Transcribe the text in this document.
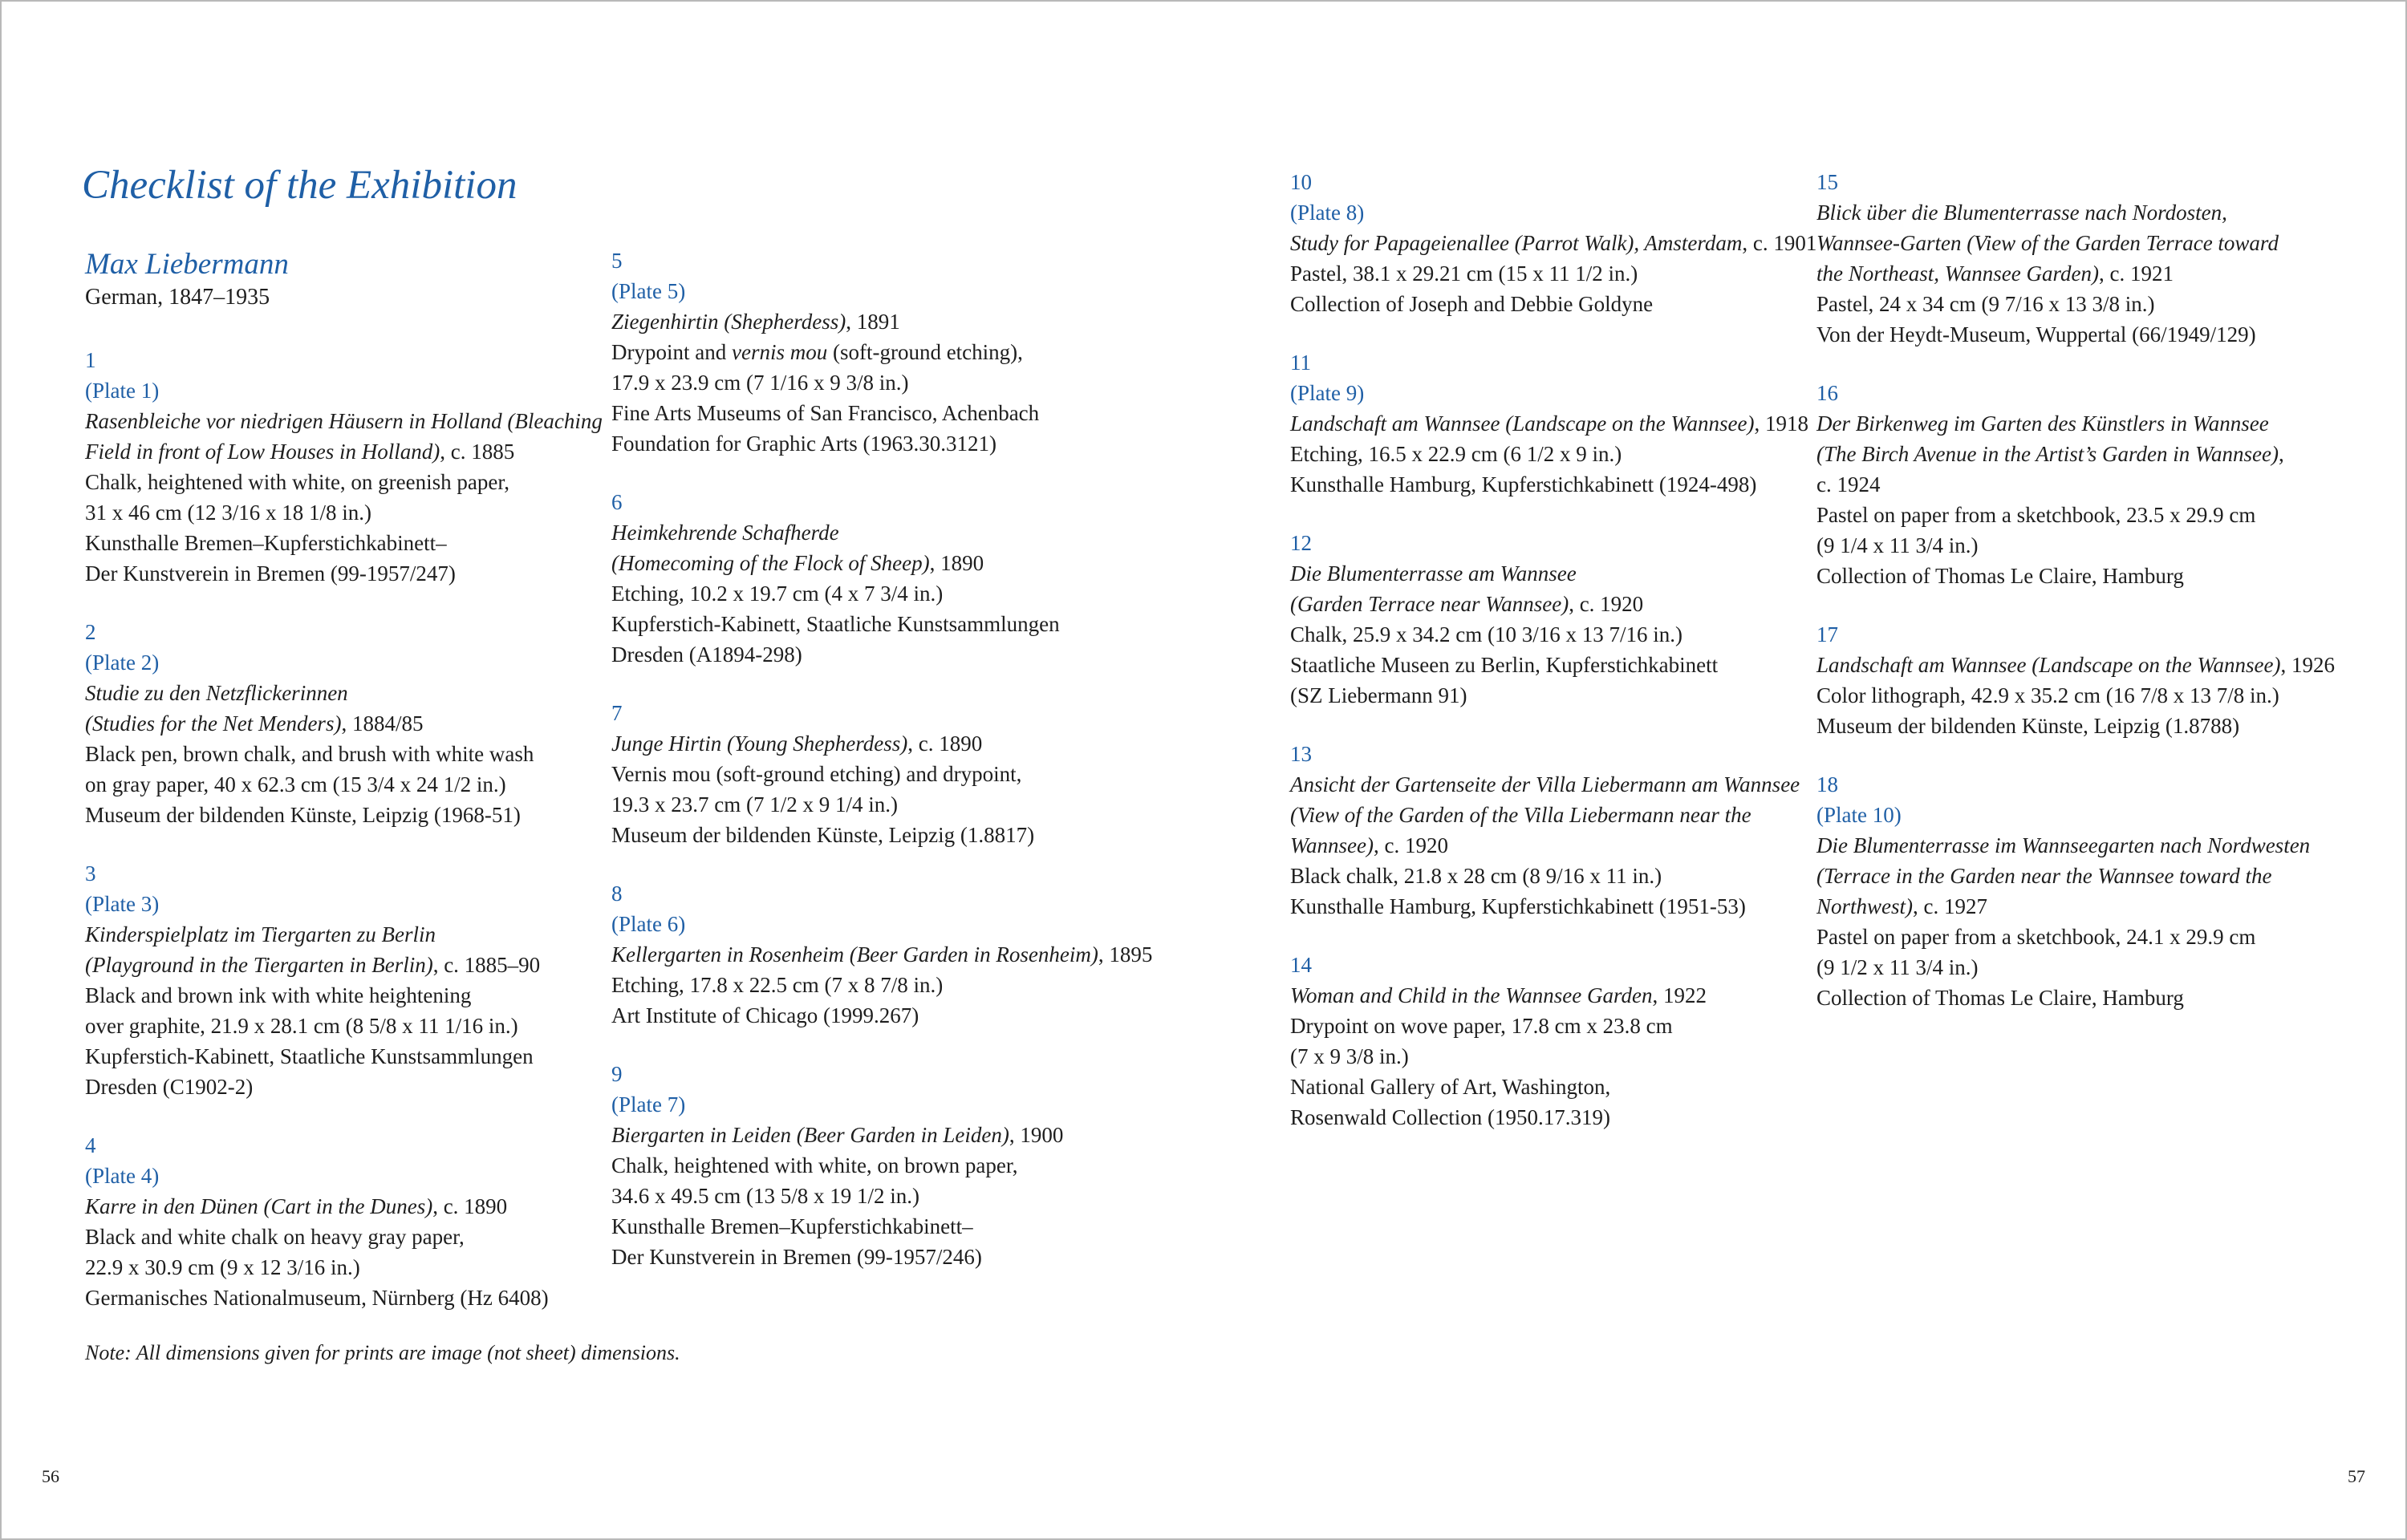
Checklist of the Exhibition
Max Liebermann
German, 1847–1935
1
(Plate 1)
Rasenbleiche vor niedrigen Häusern in Holland (Bleaching
Field in front of Low Houses in Holland), c. 1885
Chalk, heightened with white, on greenish paper,
31 x 46 cm (12 3/16 x 18 1/8 in.)
Kunsthalle Bremen–Kupferstichkabinett–
Der Kunstverein in Bremen (99-1957/247)
2
(Plate 2)
Studie zu den Netzflickerinnen
(Studies for the Net Menders), 1884/85
Black pen, brown chalk, and brush with white wash
on gray paper, 40 x 62.3 cm (15 3/4 x 24 1/2 in.)
Museum der bildenden Künste, Leipzig (1968-51)
3
(Plate 3)
Kinderspielplatz im Tiergarten zu Berlin
(Playground in the Tiergarten in Berlin), c. 1885–90
Black and brown ink with white heightening
over graphite, 21.9 x 28.1 cm (8 5/8 x 11 1/16 in.)
Kupferstich-Kabinett, Staatliche Kunstsammlungen
Dresden (C1902-2)
4
(Plate 4)
Karre in den Dünen (Cart in the Dunes), c. 1890
Black and white chalk on heavy gray paper,
22.9 x 30.9 cm (9 x 12 3/16 in.)
Germanisches Nationalmuseum, Nürnberg (Hz 6408)
5
(Plate 5)
Ziegenhirtin (Shepherdess), 1891
Drypoint and vernis mou (soft-ground etching),
17.9 x 23.9 cm (7 1/16 x 9 3/8 in.)
Fine Arts Museums of San Francisco, Achenbach
Foundation for Graphic Arts (1963.30.3121)
6
Heimkehrende Schafherde
(Homecoming of the Flock of Sheep), 1890
Etching, 10.2 x 19.7 cm (4 x 7 3/4 in.)
Kupferstich-Kabinett, Staatliche Kunstsammlungen
Dresden (A1894-298)
7
Junge Hirtin (Young Shepherdess), c. 1890
Vernis mou (soft-ground etching) and drypoint,
19.3 x 23.7 cm (7 1/2 x 9 1/4 in.)
Museum der bildenden Künste, Leipzig (1.8817)
8
(Plate 6)
Kellergarten in Rosenheim (Beer Garden in Rosenheim), 1895
Etching, 17.8 x 22.5 cm (7 x 8 7/8 in.)
Art Institute of Chicago (1999.267)
9
(Plate 7)
Biergarten in Leiden (Beer Garden in Leiden), 1900
Chalk, heightened with white, on brown paper,
34.6 x 49.5 cm (13 5/8 x 19 1/2 in.)
Kunsthalle Bremen–Kupferstichkabinett–
Der Kunstverein in Bremen (99-1957/246)
10
(Plate 8)
Study for Papageienallee (Parrot Walk), Amsterdam, c. 1901
Pastel, 38.1 x 29.21 cm (15 x 11 1/2 in.)
Collection of Joseph and Debbie Goldyne
11
(Plate 9)
Landschaft am Wannsee (Landscape on the Wannsee), 1918
Etching, 16.5 x 22.9 cm (6 1/2 x 9 in.)
Kunsthalle Hamburg, Kupferstichkabinett (1924-498)
12
Die Blumenterrasse am Wannsee
(Garden Terrace near Wannsee), c. 1920
Chalk, 25.9 x 34.2 cm (10 3/16 x 13 7/16 in.)
Staatliche Museen zu Berlin, Kupferstichkabinett
(SZ Liebermann 91)
13
Ansicht der Gartenseite der Villa Liebermann am Wannsee
(View of the Garden of the Villa Liebermann near the
Wannsee), c. 1920
Black chalk, 21.8 x 28 cm (8 9/16 x 11 in.)
Kunsthalle Hamburg, Kupferstichkabinett (1951-53)
14
Woman and Child in the Wannsee Garden, 1922
Drypoint on wove paper, 17.8 cm x 23.8 cm
(7 x 9 3/8 in.)
National Gallery of Art, Washington,
Rosenwald Collection (1950.17.319)
15
Blick über die Blumenterrasse nach Nordosten,
Wannsee-Garten (View of the Garden Terrace toward
the Northeast, Wannsee Garden), c. 1921
Pastel, 24 x 34 cm (9 7/16 x 13 3/8 in.)
Von der Heydt-Museum, Wuppertal (66/1949/129)
16
Der Birkenweg im Garten des Künstlers in Wannsee
(The Birch Avenue in the Artist’s Garden in Wannsee),
c. 1924
Pastel on paper from a sketchbook, 23.5 x 29.9 cm
(9 1/4 x 11 3/4 in.)
Collection of Thomas Le Claire, Hamburg
17
Landschaft am Wannsee (Landscape on the Wannsee), 1926
Color lithograph, 42.9 x 35.2 cm (16 7/8 x 13 7/8 in.)
Museum der bildenden Künste, Leipzig (1.8788)
18
(Plate 10)
Die Blumenterrasse im Wannseegarten nach Nordwesten
(Terrace in the Garden near the Wannsee toward the
Northwest), c. 1927
Pastel on paper from a sketchbook, 24.1 x 29.9 cm
(9 1/2 x 11 3/4 in.)
Collection of Thomas Le Claire, Hamburg
Note: All dimensions given for prints are image (not sheet) dimensions.
56	57
